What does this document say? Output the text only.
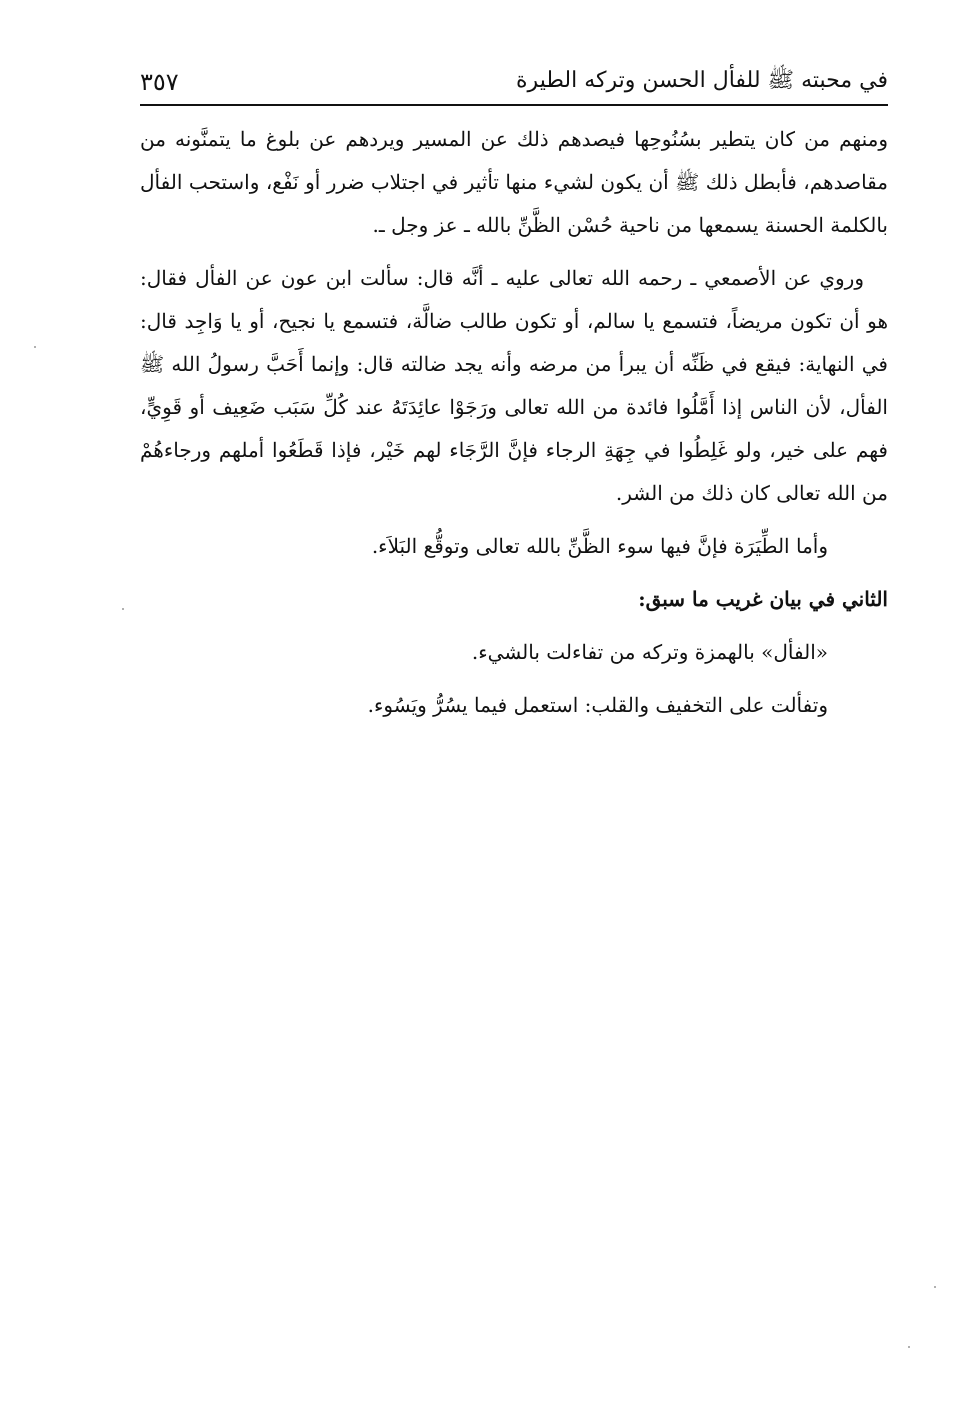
في محبته ﷺ للفأل الحسن وتركه الطيرة
٣٥٧

ومنهم من كان يتطير بسُنُوحِها فيصدهم ذلك عن المسير ويردهم عن بلوغ ما يتمنَّونه من مقاصدهم، فأبطل ذلك ﷺ أن يكون لشيء منها تأثير في اجتلاب ضرر أو نَفْع، واستحب الفأل بالكلمة الحسنة يسمعها من ناحية حُسْن الظَّنِّ بالله ـ عز وجل ـ.

وروي عن الأصمعي ـ رحمه الله تعالى عليه ـ أنَّه قال: سألت ابن عون عن الفأل فقال: هو أن تكون مريضاً، فتسمع يا سالم، أو تكون طالب ضالَّة، فتسمع يا نجيح، أو يا وَاجِد قال: في النهاية: فيقع في ظَنِّه أن يبرأ من مرضه وأنه يجد ضالته قال: وإنما أَحَبَّ رسولُ الله ﷺ الفأل، لأن الناس إذا أَمَّلُوا فائدة من الله تعالى ورَجَوْا عائِدَتَهُ عند كُلِّ سَبَب ضَعِيف أو قَوِيٍّ، فهم على خير، ولو غَلِطُوا في جِهَةِ الرجاء فإنَّ الرَّجَاء لهم خَيْر، فإذا قَطَعُوا أملهم ورجاءهُمْ من الله تعالى كان ذلك من الشر.

وأما الطِّيَرَة فإنَّ فيها سوء الظَّنِّ بالله تعالى وتوقُّع البَلاَء.

الثاني في بيان غريب ما سبق:

«الفأل» بالهمزة وتركه من تفاءلت بالشيء.

وتفألت على التخفيف والقلب: استعمل فيما يسُرُّ ويَسُوء.
